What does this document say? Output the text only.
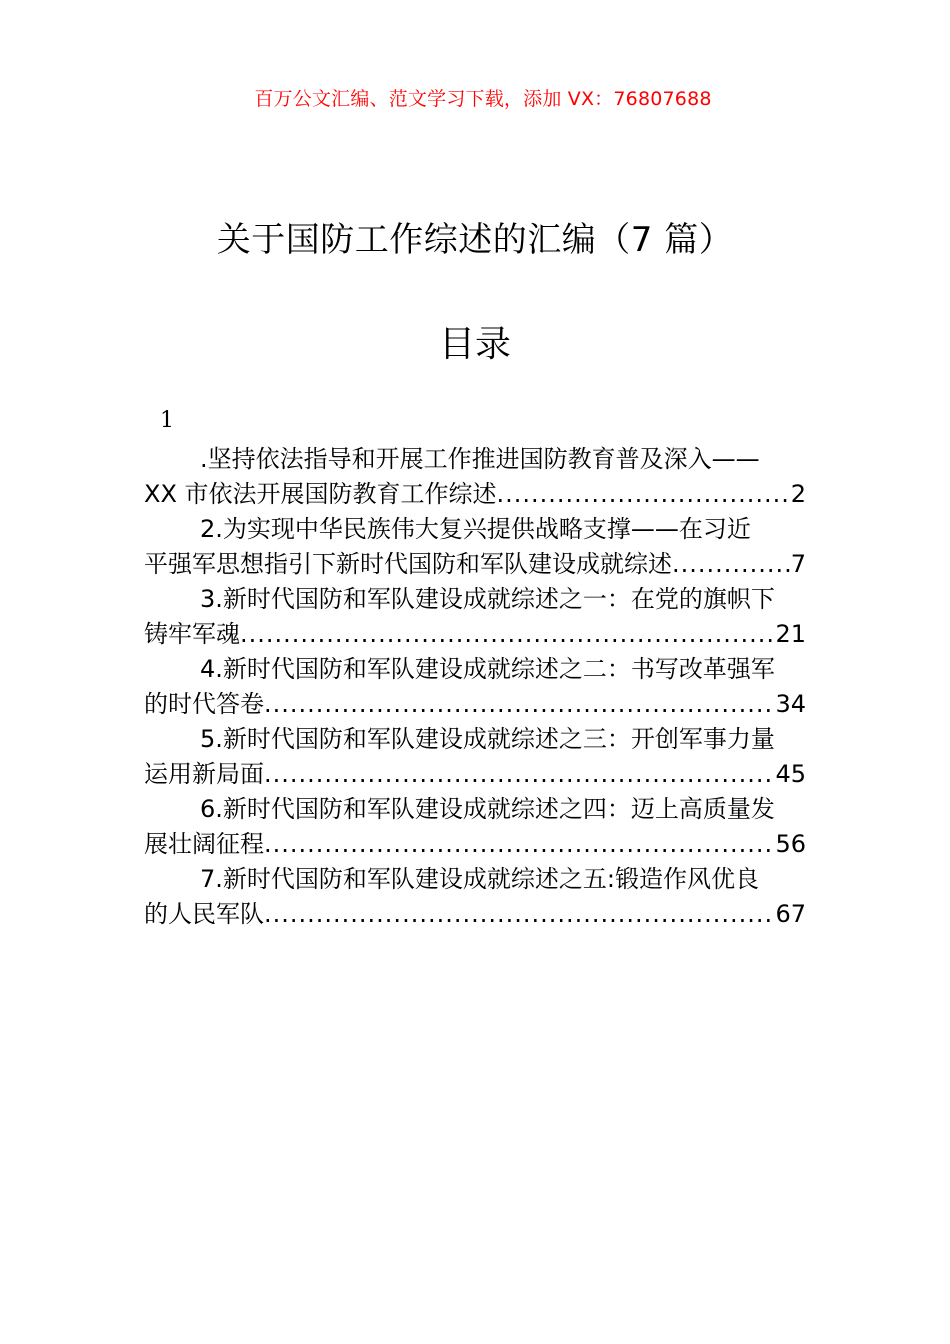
百万公文汇编、范文学习下载，添加 VX：76807688
关于国防工作综述的汇编（7 篇）
目录
1
.坚持依法指导和开展工作推进国防教育普及深入——
XX 市依法开展国防教育工作综述 .....	2
2.为实现中华民族伟大复兴提供战略支撑——在习近
平强军思想指引下新时代国防和军队建设成就综述 .....	7
3.新时代国防和军队建设成就综述之一：在党的旗帜下
铸牢军魂 .....	21
4.新时代国防和军队建设成就综述之二：书写改革强军
的时代答卷 .....	34
5.新时代国防和军队建设成就综述之三：开创军事力量
运用新局面 .....	45
6.新时代国防和军队建设成就综述之四：迈上高质量发
展壮阔征程 .....	56
7.新时代国防和军队建设成就综述之五:锻造作风优良
的人民军队 .....	67
